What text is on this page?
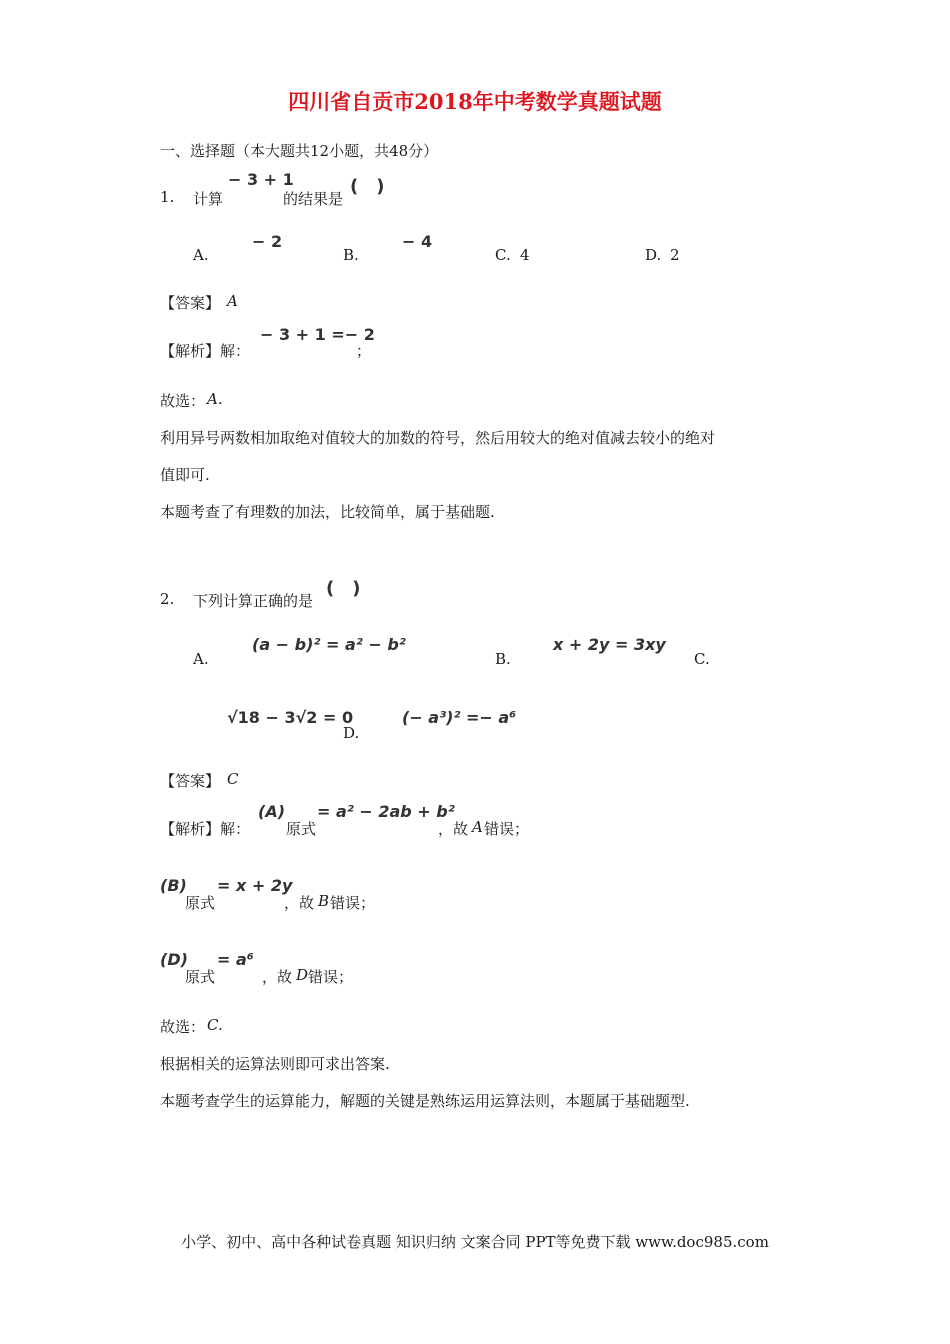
四川省自贡市2018年中考数学真题试题
一、选择题（本大题共12小题，共48分）
1. 计算
− 3 + 1
的结果是
(　)
A.
− 2
B.
− 4
C. 4	D. 2
【答案】 A
【解析】解：
− 3 + 1 =− 2
；
故选： A.
利用异号两数相加取绝对值较大的加数的符号，然后用较大的绝对值减去较小的绝对
值即可.
本题考查了有理数的加法，比较简单，属于基础题.
2. 下列计算正确的是
(　)
A.
(a − b)² = a² − b²
B.
x + 2y = 3xy
C.
√18 − 3√2 = 0
D.
(− a³)² =− a⁶
【答案】 C
【解析】解：
(A)
原式
= a² − 2ab + b²
，故 A 错误；
(B)
原式
= x + 2y
，故 B 错误；
(D)
原式
= a⁶
，故 D 错误；
故选： C.
根据相关的运算法则即可求出答案.
本题考查学生的运算能力，解题的关键是熟练运用运算法则，本题属于基础题型.
小学、初中、高中各种试卷真题 知识归纳 文案合同 PPT等免费下载 www.doc985.com
